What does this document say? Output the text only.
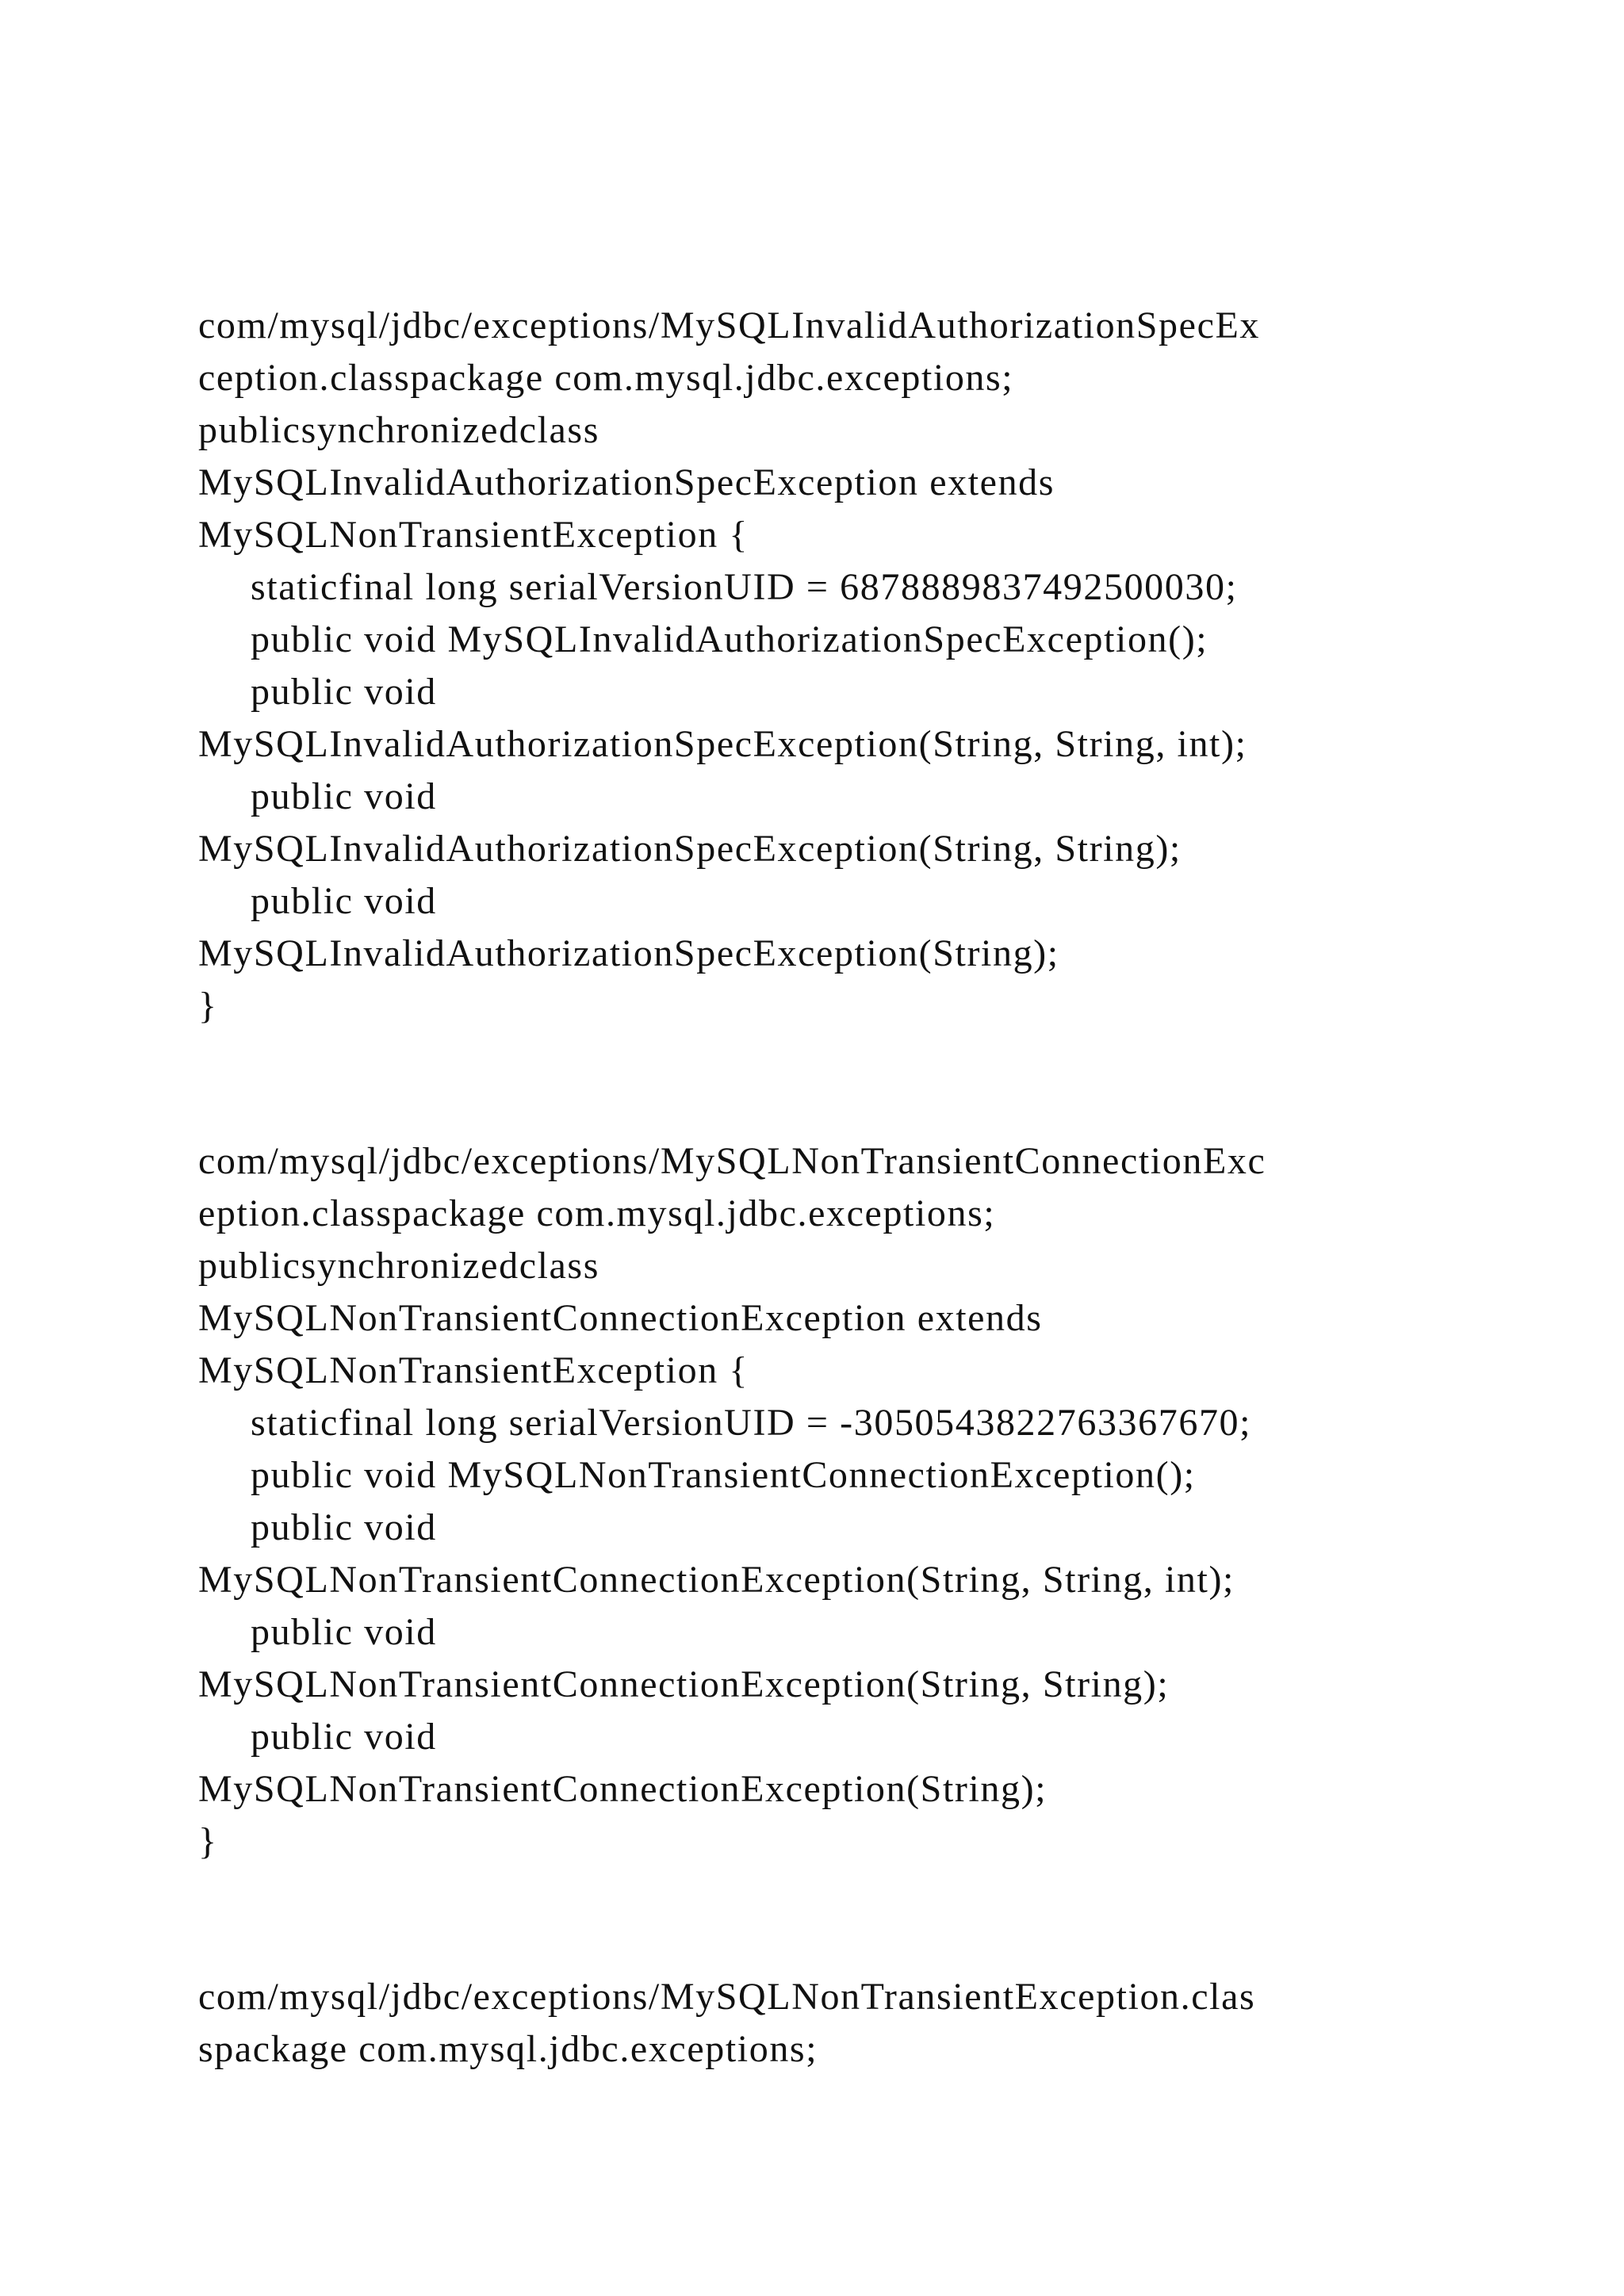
com/mysql/jdbc/exceptions/MySQLInvalidAuthorizationSpecEx
ception.classpackage com.mysql.jdbc.exceptions;
publicsynchronizedclass
MySQLInvalidAuthorizationSpecException extends
MySQLNonTransientException {
staticfinal long serialVersionUID = 6878889837492500030;
public void MySQLInvalidAuthorizationSpecException();
public void
MySQLInvalidAuthorizationSpecException(String, String, int);
public void
MySQLInvalidAuthorizationSpecException(String, String);
public void
MySQLInvalidAuthorizationSpecException(String);
}
com/mysql/jdbc/exceptions/MySQLNonTransientConnectionExc
eption.classpackage com.mysql.jdbc.exceptions;
publicsynchronizedclass
MySQLNonTransientConnectionException extends
MySQLNonTransientException {
staticfinal long serialVersionUID = -3050543822763367670;
public void MySQLNonTransientConnectionException();
public void
MySQLNonTransientConnectionException(String, String, int);
public void
MySQLNonTransientConnectionException(String, String);
public void
MySQLNonTransientConnectionException(String);
}
com/mysql/jdbc/exceptions/MySQLNonTransientException.clas
spackage com.mysql.jdbc.exceptions;
